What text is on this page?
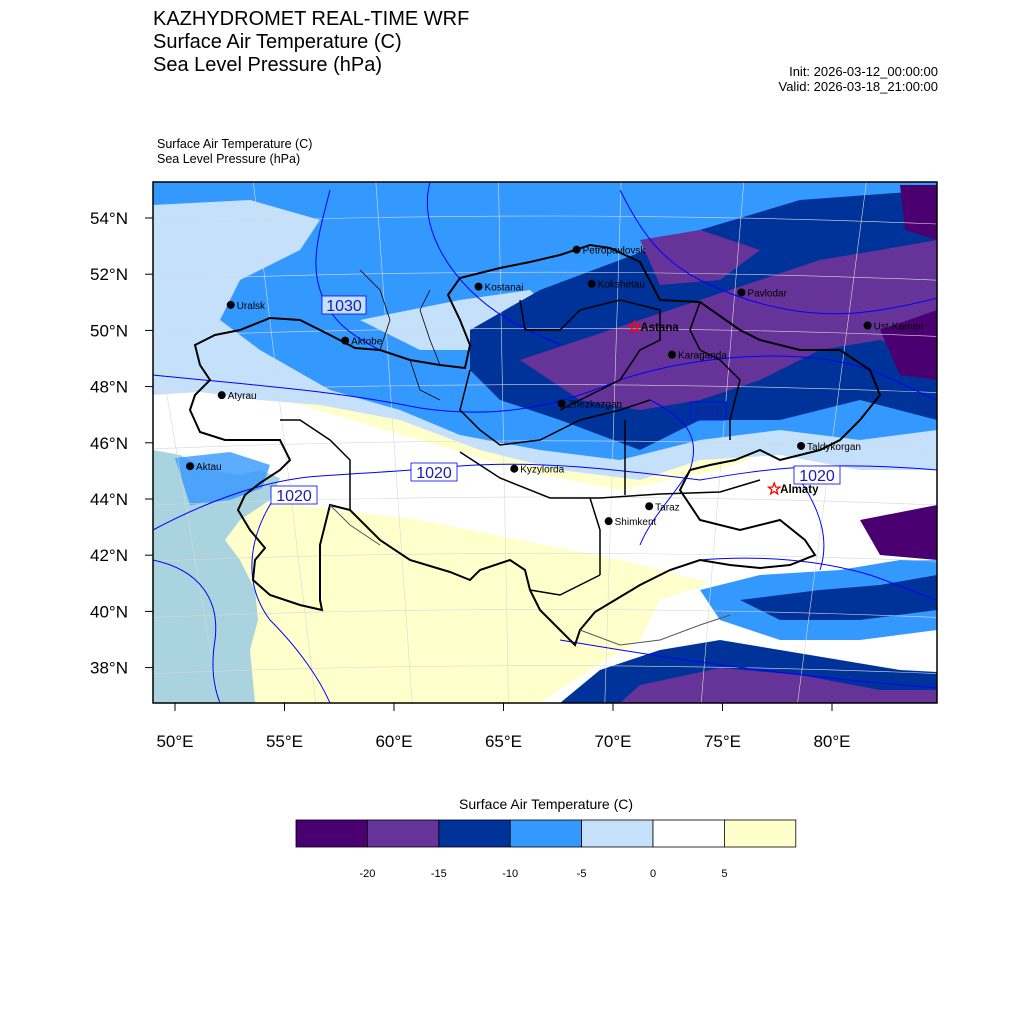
KAZHYDROMET REAL-TIME WRF
Surface Air Temperature (C)
Sea Level Pressure (hPa)	Init: 2026-03-12_00:00:00
Valid: 2026-03-18_21:00:00
Surface Air Temperature (C)
Sea Level Pressure (hPa)
1030
1020
1020
1020
1020
Petropavlovsk
Kostanai	Kokshetau
Uralsk
Pavlodar
Astana
Aktobe
Ust-Kamen
Karaganda
Atyrau
Zhezkazgan
Aktau	Kyzylorda
Taldykorgan
Almaty
Taraz
Shimkent
54°N
52°N
50°N
48°N
46°N
44°N
42°N
40°N
38°N
50°E	55°E	60°E	65°E	70°E	75°E	80°E
Surface Air Temperature (C)
-20	-15	-10	-5	0	5
